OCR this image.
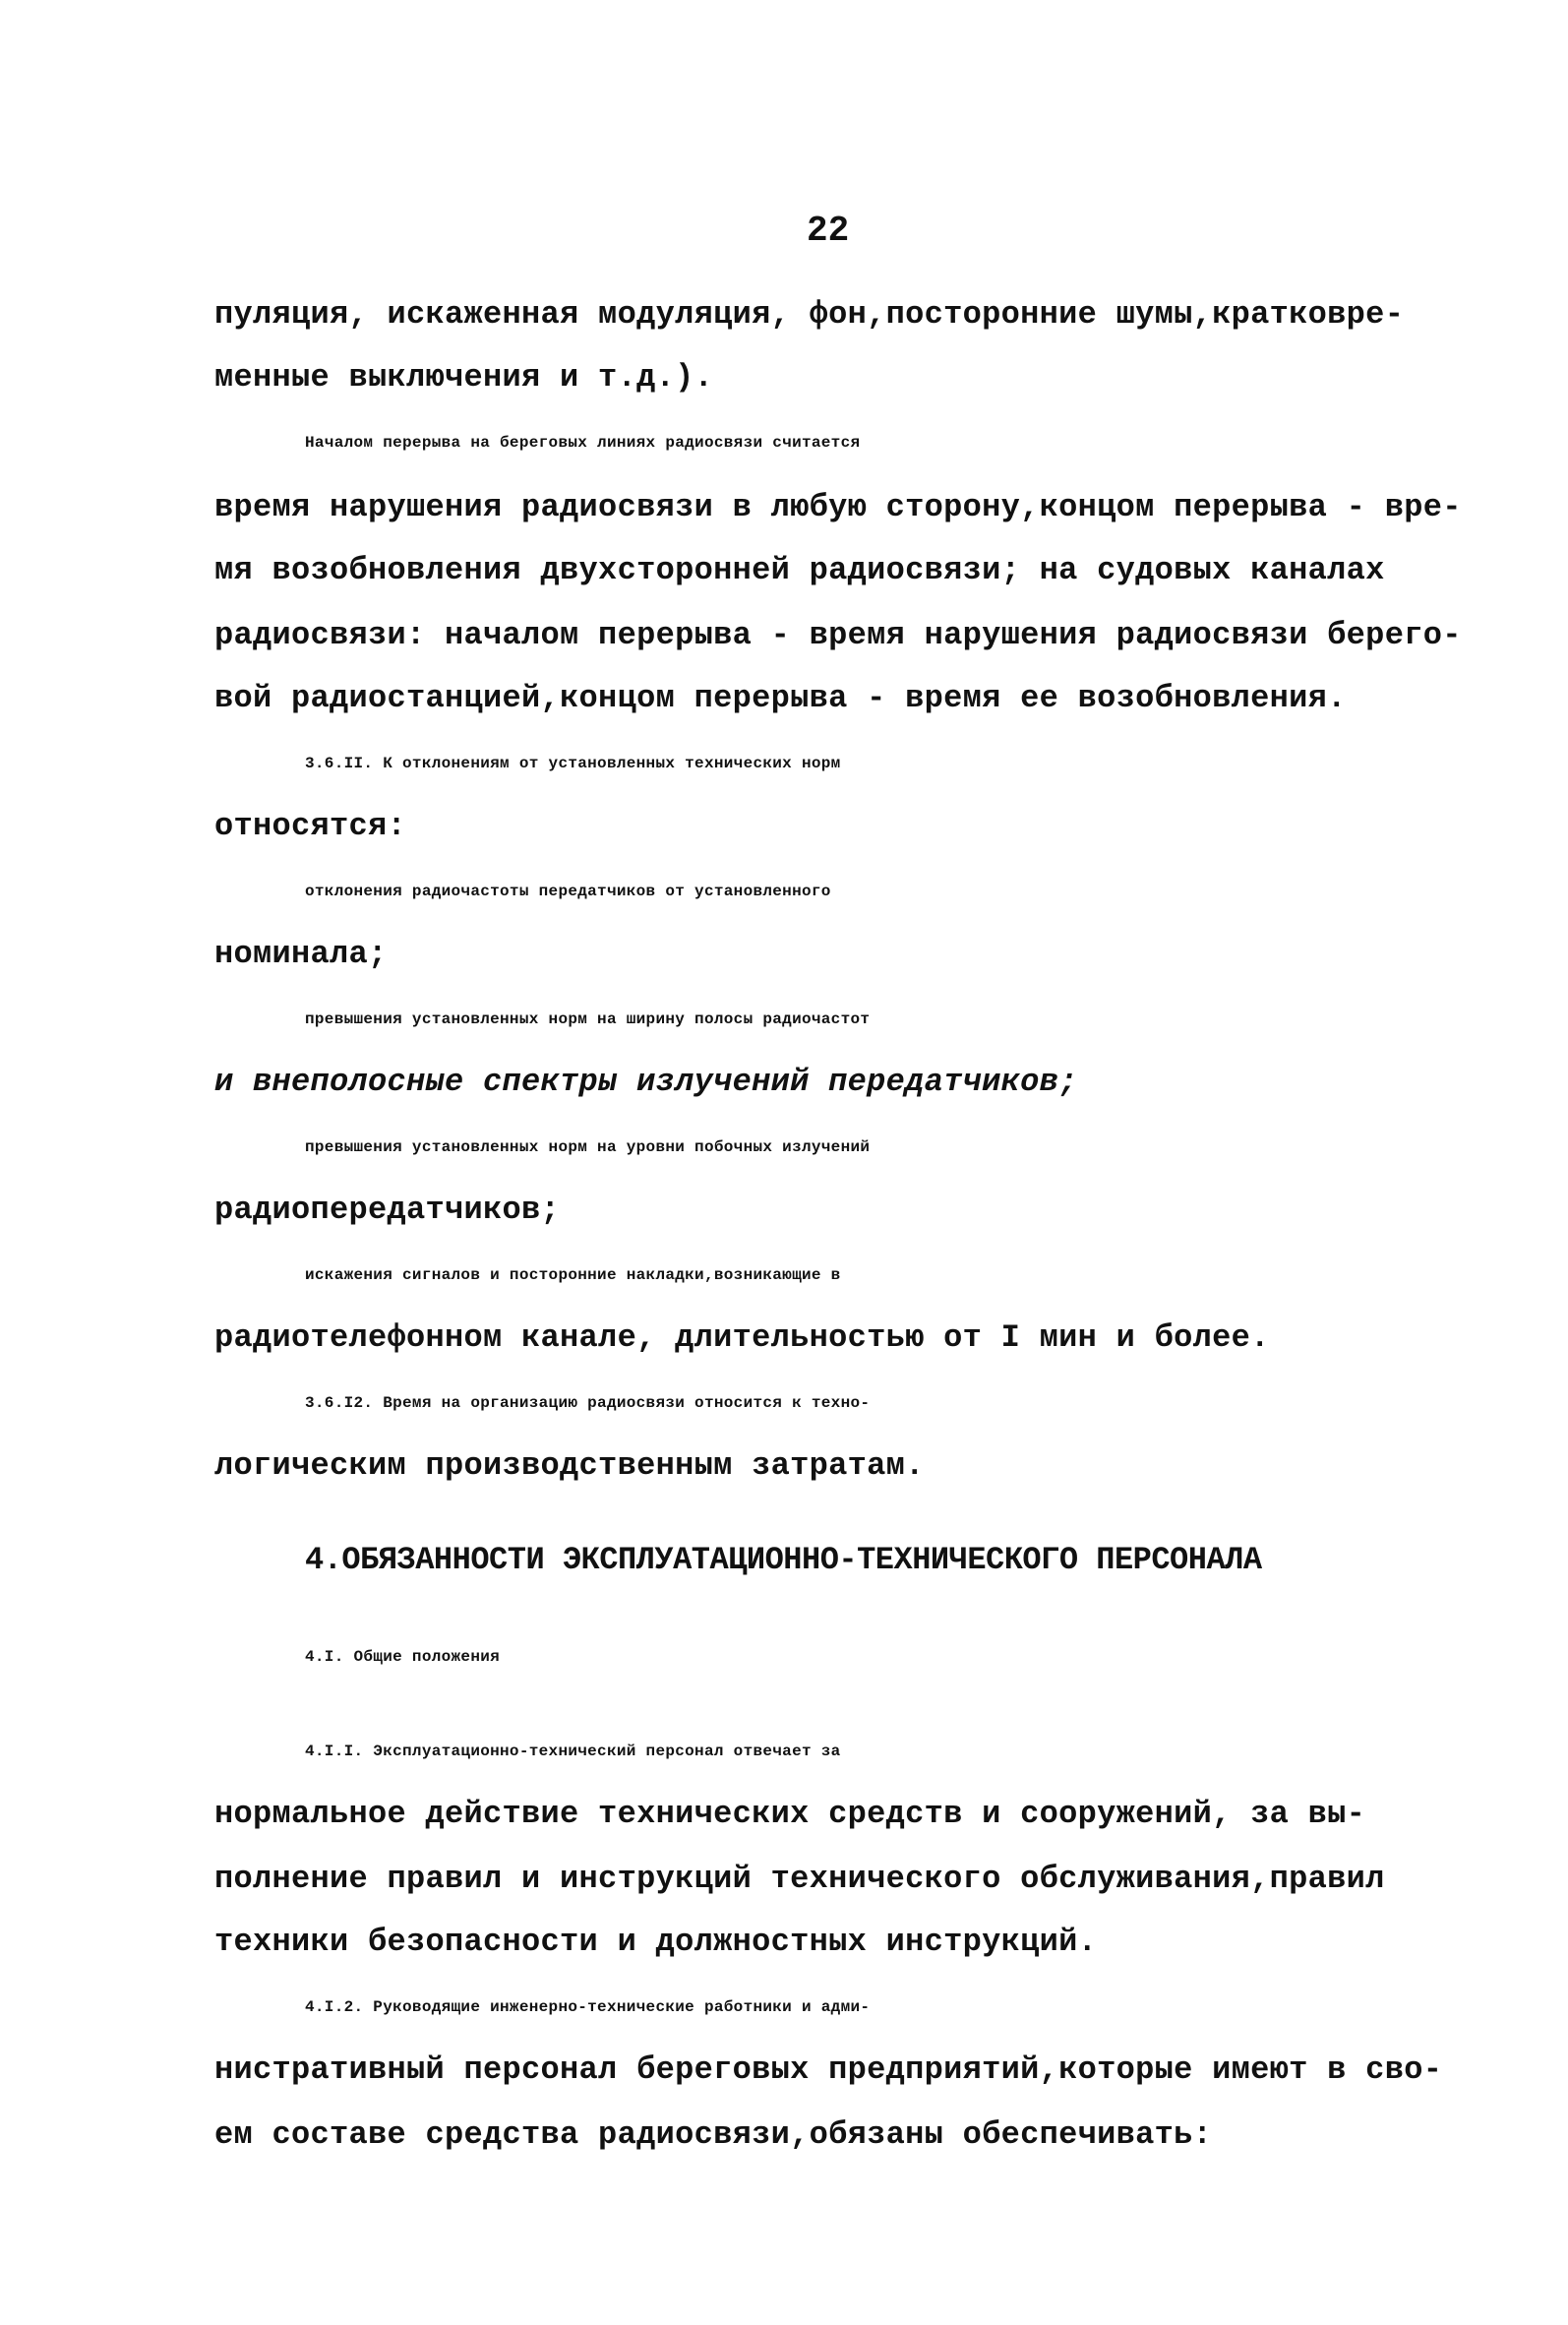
22
пуляция, искаженная модуляция, фон,посторонние шумы,кратковре-
менные выключения и т.д.).
Началом перерыва на береговых линиях радиосвязи считается
время нарушения радиосвязи в любую сторону,концом перерыва - вре-
мя возобновления двухсторонней радиосвязи; на судовых каналах
радиосвязи: началом перерыва - время нарушения радиосвязи берего-
вой радиостанцией,концом перерыва - время ее возобновления.
3.6.II. К отклонениям от установленных технических норм
относятся:
отклонения радиочастоты передатчиков от установленного
номинала;
превышения установленных норм на ширину полосы радиочастот
и внеполосные спектры излучений передатчиков;
превышения установленных норм на уровни побочных излучений
радиопередатчиков;
искажения сигналов и посторонние накладки,возникающие в
радиотелефонном канале, длительностью от I мин и более.
3.6.I2. Время на организацию радиосвязи относится к техно-
логическим производственным затратам.
4.I. Общие положения
4.I.I. Эксплуатационно-технический персонал отвечает за
нормальное действие технических средств и сооружений, за вы-
полнение правил и инструкций технического обслуживания,правил
техники безопасности и должностных инструкций.
4.I.2. Руководящие инженерно-технические работники и адми-
нистративный персонал береговых предприятий,которые имеют в сво-
ем составе средства радиосвязи,обязаны обеспечивать:
4.ОБЯЗАННОСТИ ЭКСПЛУАТАЦИОННО-ТЕХНИЧЕСКОГО ПЕРСОНАЛА
